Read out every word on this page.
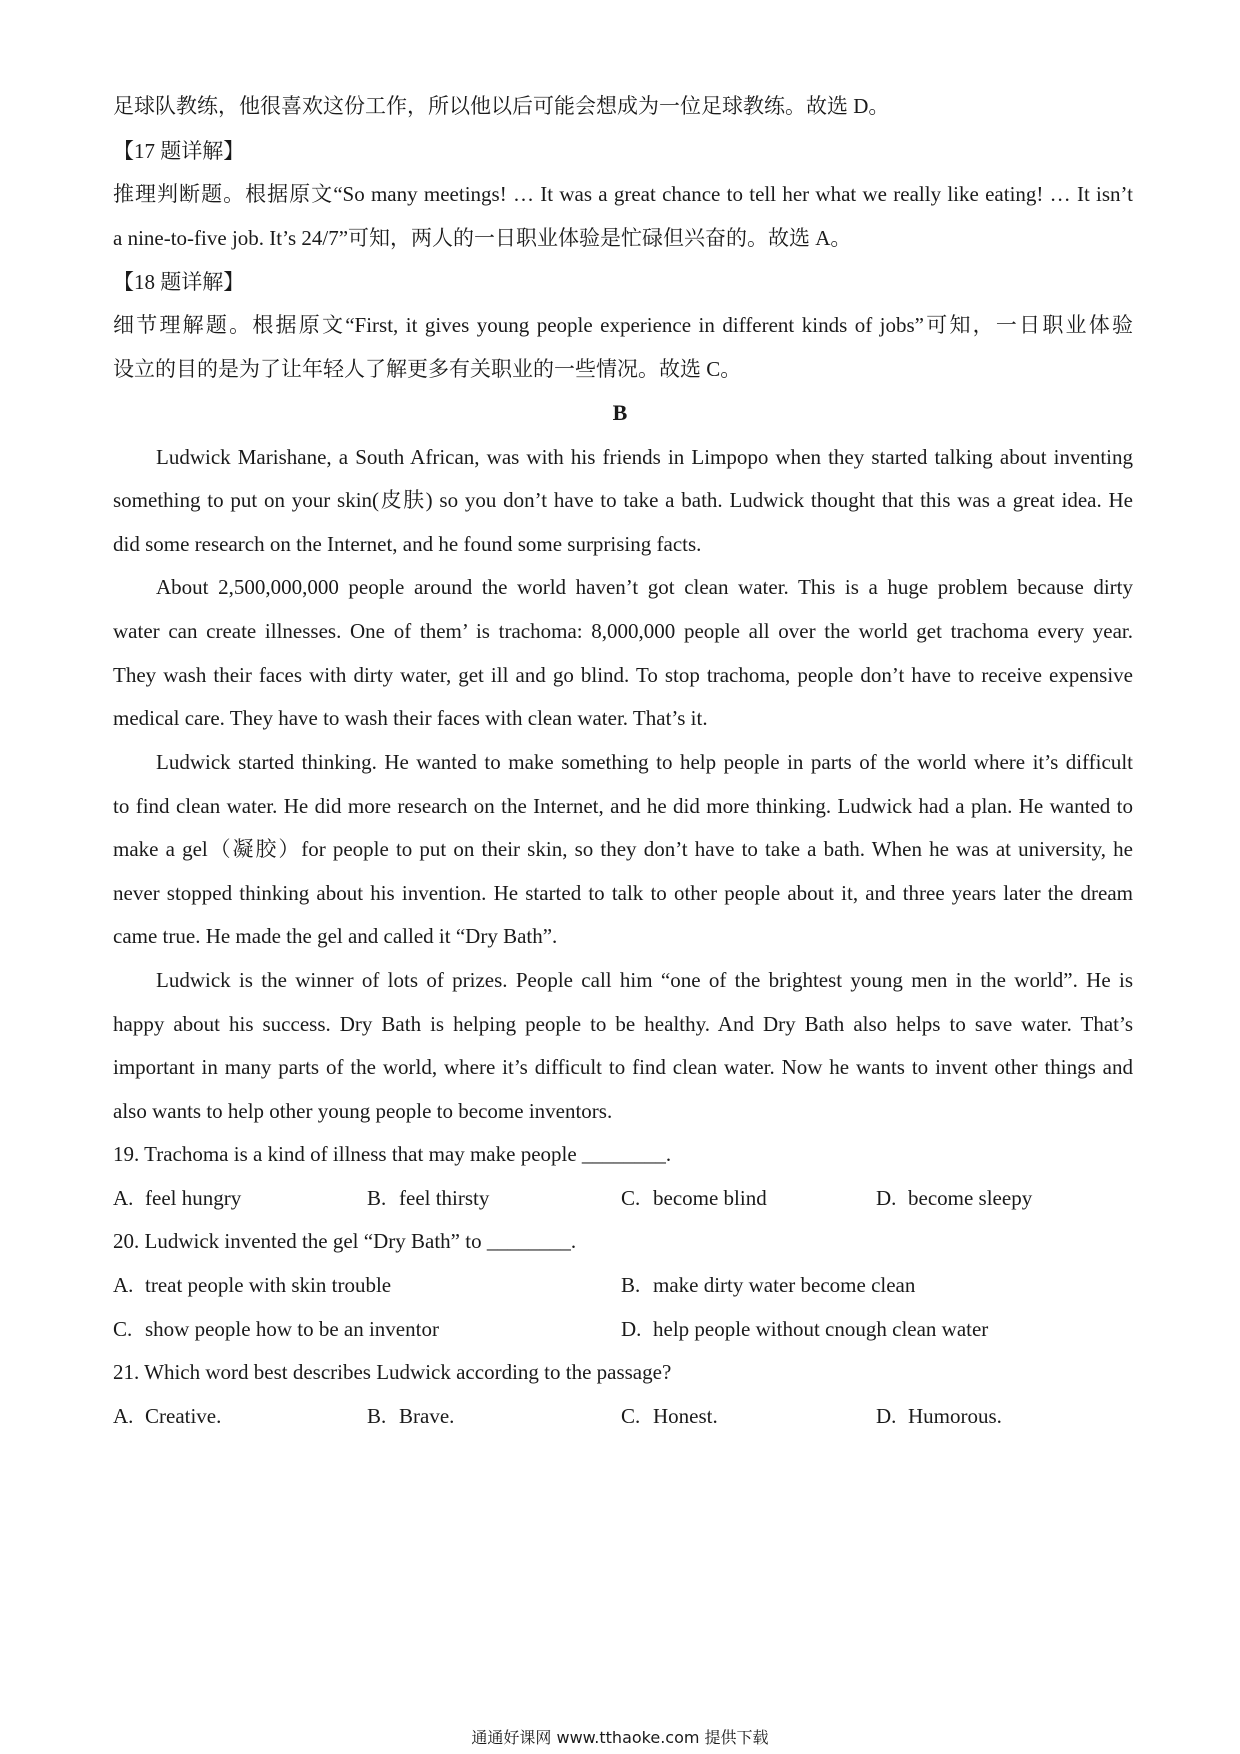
足球队教练，他很喜欢这份工作，所以他以后可能会想成为一位足球教练。故选 D。
【17 题详解】
推理判断题。根据原文“So many meetings! … It was a great chance to tell her what we really like eating! … It isn’t
a nine-to-five job. It’s 24/7”可知，两人的一日职业体验是忙碌但兴奋的。故选 A。
【18 题详解】
细节理解题。根据原文“First, it gives young people experience in different kinds of jobs”可知，一日职业体验
设立的目的是为了让年轻人了解更多有关职业的一些情况。故选 C。
B
Ludwick Marishane, a South African, was with his friends in Limpopo when they started talking about inventing
something to put on your skin(皮肤) so you don’t have to take a bath. Ludwick thought that this was a great idea. He
did some research on the Internet, and he found some surprising facts.
About 2,500,000,000 people around the world haven’t got clean water. This is a huge problem because dirty
water can create illnesses. One of them’ is trachoma: 8,000,000 people all over the world get trachoma every year.
They wash their faces with dirty water, get ill and go blind. To stop trachoma, people don’t have to receive expensive
medical care. They have to wash their faces with clean water. That’s it.
Ludwick started thinking. He wanted to make something to help people in parts of the world where it’s difficult
to find clean water. He did more research on the Internet, and he did more thinking. Ludwick had a plan. He wanted to
make a gel（凝胶）for people to put on their skin, so they don’t have to take a bath. When he was at university, he
never stopped thinking about his invention. He started to talk to other people about it, and three years later the dream
came true. He made the gel and called it “Dry Bath”.
Ludwick is the winner of lots of prizes. People call him “one of the brightest young men in the world”. He is
happy about his success. Dry Bath is helping people to be healthy. And Dry Bath also helps to save water. That’s
important in many parts of the world, where it’s difficult to find clean water. Now he wants to invent other things and
also wants to help other young people to become inventors.
19. Trachoma is a kind of illness that may make people ________.
A. feel hungry	B. feel thirsty	C. become blind	D. become sleepy
20. Ludwick invented the gel “Dry Bath” to ________.
A. treat people with skin trouble	B. make dirty water become clean
C. show people how to be an inventor	D. help people without cnough clean water
21. Which word best describes Ludwick according to the passage?
A. Creative.	B. Brave.	C. Honest.	D. Humorous.
通通好课网 www.tthaoke.com 提供下载
